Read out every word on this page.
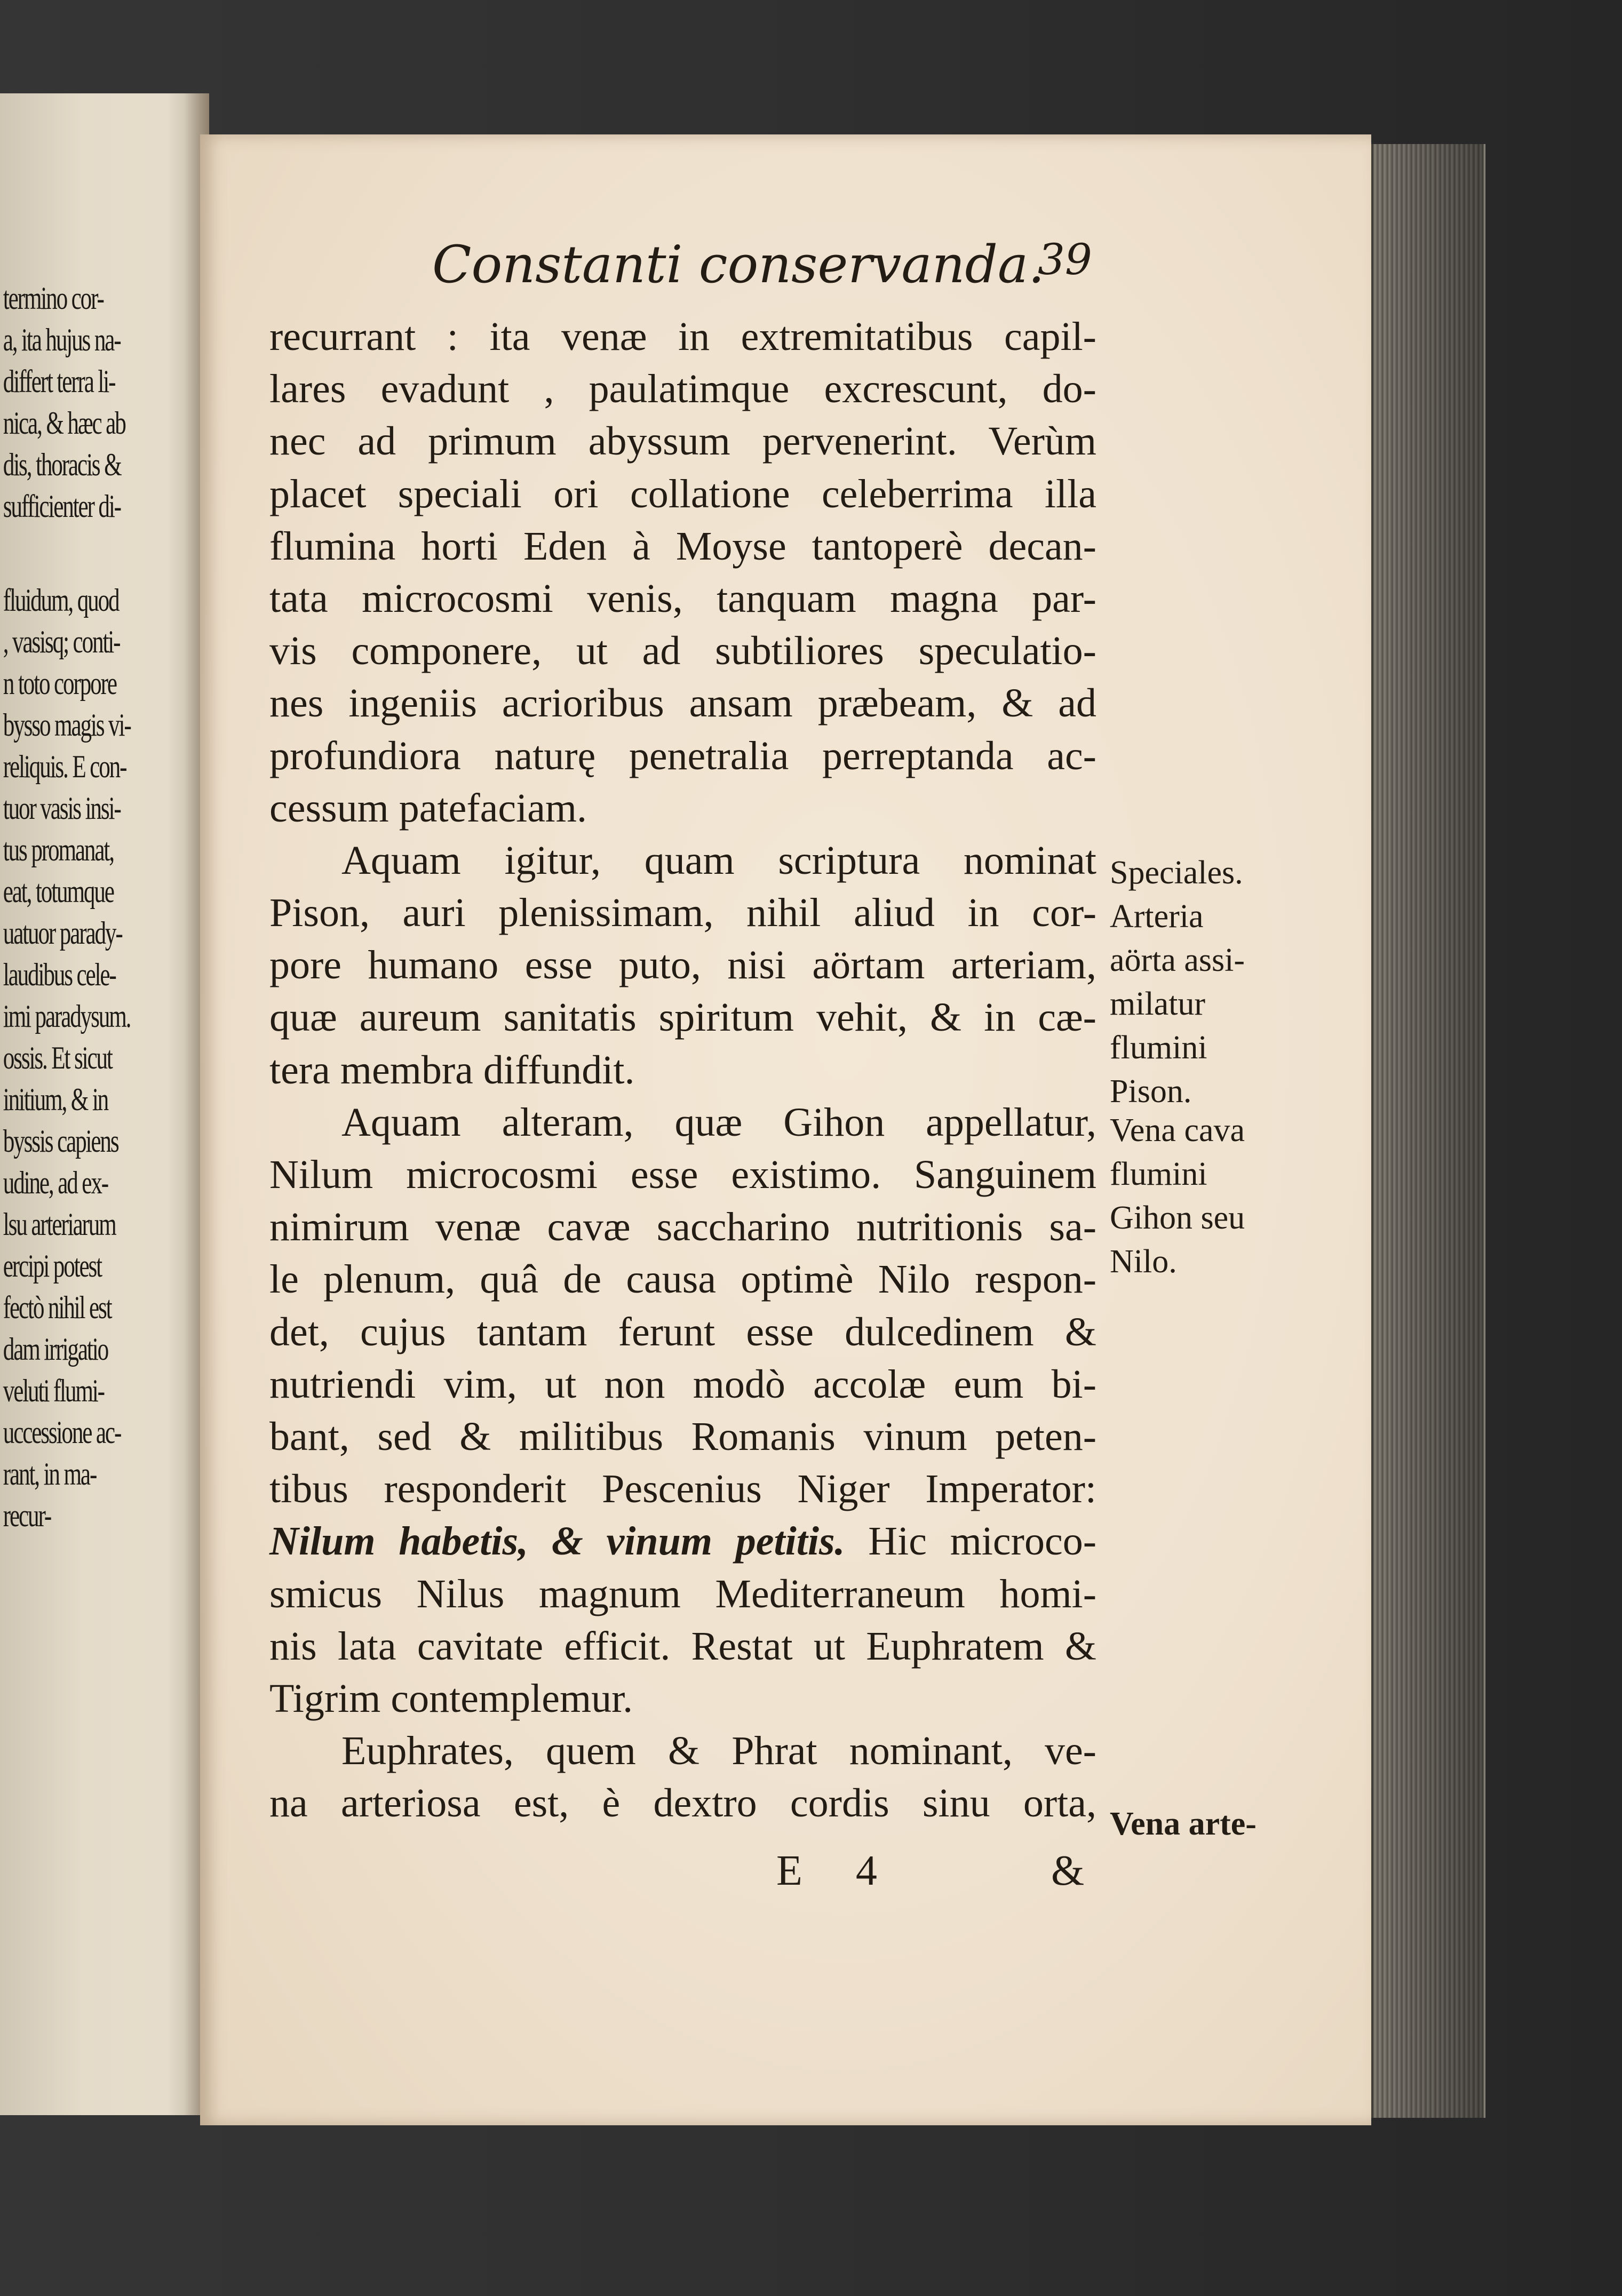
termino cor-
a, ita hujus na-
differt terra li-
nica, & hæc ab
dis, thoracis &
sufficienter di-
fluidum, quod
, vasisq; conti-
n toto corpore
bysso magis vi-
reliquis. E con-
tuor vasis insi-
tus promanat,
eat, totumque
uatuor parady-
laudibus cele-
imi paradysum.
ossis. Et sicut
initium, & in
byssis capiens
udine, ad ex-
lsu arteriarum
ercipi potest
fectò nihil est
dam irrigatio
veluti flumi-
uccessione ac-
rant, in ma-
recur-
Constanti conservanda.
39
recurrant : ita venæ in extremitatibus capil-
lares evadunt , paulatimque excrescunt, do-
nec ad primum abyssum pervenerint. Verùm
placet speciali ori collatione celeberrima illa
flumina horti Eden à Moyse tantoperè decan-
tata microcosmi venis, tanquam magna par-
vis componere, ut ad subtiliores speculatio-
nes ingeniis acrioribus ansam præbeam, & ad
profundiora naturę penetralia perreptanda ac-
cessum patefaciam.
Aquam igitur, quam scriptura nominat
Pison, auri plenissimam, nihil aliud in cor-
pore humano esse puto, nisi aörtam arteriam,
quæ aureum sanitatis spiritum vehit, & in cæ-
tera membra diffundit.
Aquam alteram, quæ Gihon appellatur,
Nilum microcosmi esse existimo. Sanguinem
nimirum venæ cavæ saccharino nutritionis sa-
le plenum, quâ de causa optimè Nilo respon-
det, cujus tantam ferunt esse dulcedinem &
nutriendi vim, ut non modò accolæ eum bi-
bant, sed & militibus Romanis vinum peten-
tibus responderit Pescenius Niger Imperator:
Nilum habetis, & vinum petitis. Hic microco-
smicus Nilus magnum Mediterraneum homi-
nis lata cavitate efficit. Restat ut Euphratem &
Tigrim contemplemur.
Euphrates, quem & Phrat nominant, ve-
na arteriosa est, è dextro cordis sinu orta,
Speciales.
Arteria
aörta assi-
milatur
flumini
Pison.
Vena cava
flumini
Gihon seu
Nilo.
Vena arte-
E 4	&
